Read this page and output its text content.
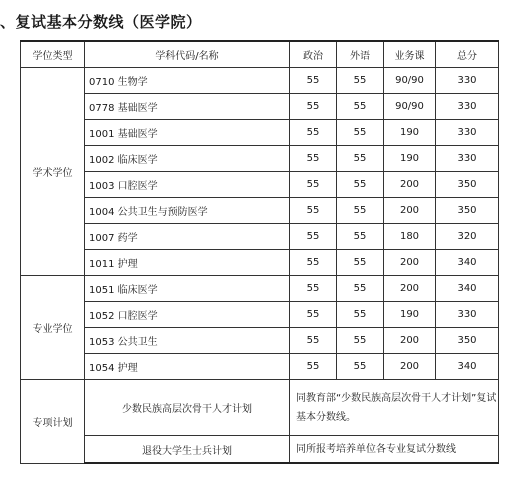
、复试基本分数线（医学院）
学位类型	学科代码/名称	政治	外语	业务课	总分
学术学位	0710 生物学	55	55	90/90	330
	0778 基础医学	55	55	90/90	330
	1001 基础医学	55	55	190	330
	1002 临床医学	55	55	190	330
	1003 口腔医学	55	55	200	350
	1004 公共卫生与预防医学	55	55	200	350
	1007 药学	55	55	180	320
	1011 护理	55	55	200	340
专业学位	1051 临床医学	55	55	200	340
	1052 口腔医学	55	55	190	330
	1053 公共卫生	55	55	200	350
	1054 护理	55	55	200	340
专项计划	少数民族高层次骨干人才计划	同教育部“少数民族高层次骨干人才计划”复试基本分数线。			
	退役大学生士兵计划	同所报考培养单位各专业复试分数线			
